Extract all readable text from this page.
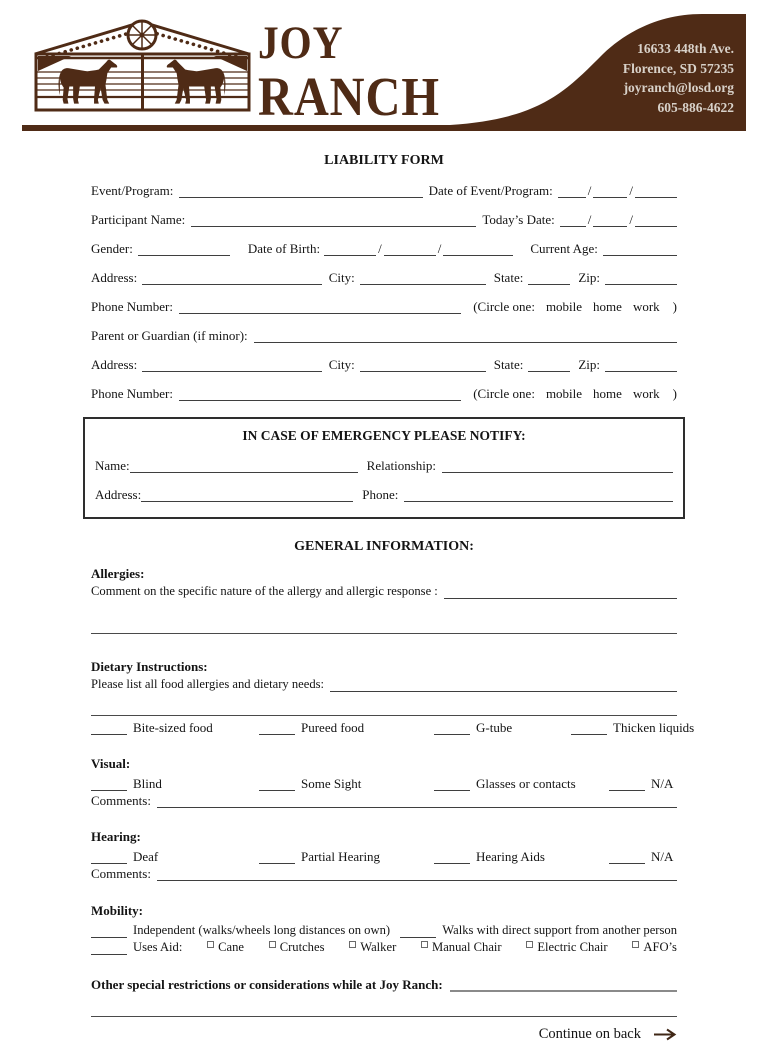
JOY
RANCH
16633 448th Ave.
Florence, SD 57235
joyranch@losd.org
605-886-4622
LIABILITY FORM
Event/Program:	Date of Event/Program:	/	/
Participant Name:	Today’s Date:	/	/
Gender:	Date of Birth:	/	/	Current Age:
Address:	City:	State:	Zip:
Phone Number:	(Circle one: mobile home work )
Parent or Guardian (if minor):
Address:	City:	State:	Zip:
Phone Number:	(Circle one: mobile home work )
IN CASE OF EMERGENCY PLEASE NOTIFY:
Name:	Relationship:
Address:	Phone:
GENERAL INFORMATION:
Allergies:
Comment on the specific nature of the allergy and allergic response :
Dietary Instructions:
Please list all food allergies and dietary needs:
Bite-sized food	Pureed food	G-tube	Thicken liquids
Visual:
Blind	Some Sight	Glasses or contacts	N/A
Comments:
Hearing:
Deaf	Partial Hearing	Hearing Aids	N/A
Comments:
Mobility:
Independent (walks/wheels long distances on own)	Walks with direct support from another person
Uses Aid:	Cane	Crutches	Walker	Manual Chair	Electric Chair	AFO’s
Other special restrictions or considerations while at Joy Ranch:
Continue on back
